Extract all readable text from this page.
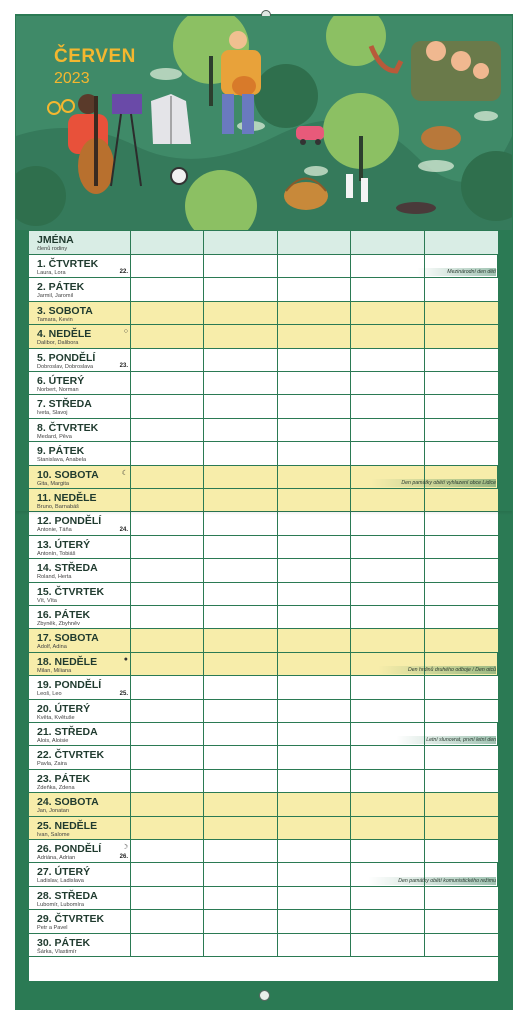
ČERVEN
2023
JMÉNA
členů rodiny
1. ČTVRTEK
Laura, Lora	22.	Mezinárodní den dětí
2. PÁTEK
Jarmil, Jaromil
3. SOBOTA
Tamara, Kevin
4. NEDĚLE
Dalibor, Dalibora
○
5. PONDĚLÍ
Dobroslav, Dobroslava	23.
6. ÚTERÝ
Norbert, Norman
7. STŘEDA
Iveta, Slavoj
8. ČTVRTEK
Medard, Pěva
9. PÁTEK
Stanislava, Anabela
10. SOBOTA
Gita, Margita
☾
Den památky obětí vyhlazení obce Lidice
11. NEDĚLE
Bruno, Barnabáš
12. PONDĚLÍ
Antonie, Táňa	24.
13. ÚTERÝ
Antonín, Tobiáš
14. STŘEDA
Roland, Herta
15. ČTVRTEK
Vít, Víta
16. PÁTEK
Zbyněk, Zbyhněv
17. SOBOTA
Adolf, Adina
18. NEDĚLE
Milan, Miliana
●
Den hrdinů druhého odboje / Den otců
19. PONDĚLÍ
Leoš, Leo	25.
20. ÚTERÝ
Květa, Květuše
21. STŘEDA
Alois, Aloisie	Letní slunovrat, první letní den
22. ČTVRTEK
Pavla, Zaira
23. PÁTEK
Zdeňka, Zdena
24. SOBOTA
Jan, Jonatan
25. NEDĚLE
Ivan, Salome
26. PONDĚLÍ
Adriána, Adrian	26.
☽
27. ÚTERÝ
Ladislav, Ladislava	Den památky obětí komunistického režimu
28. STŘEDA
Lubomír, Lubomíra
29. ČTVRTEK
Petr a Pavel
30. PÁTEK
Šárka, Vlastimír
